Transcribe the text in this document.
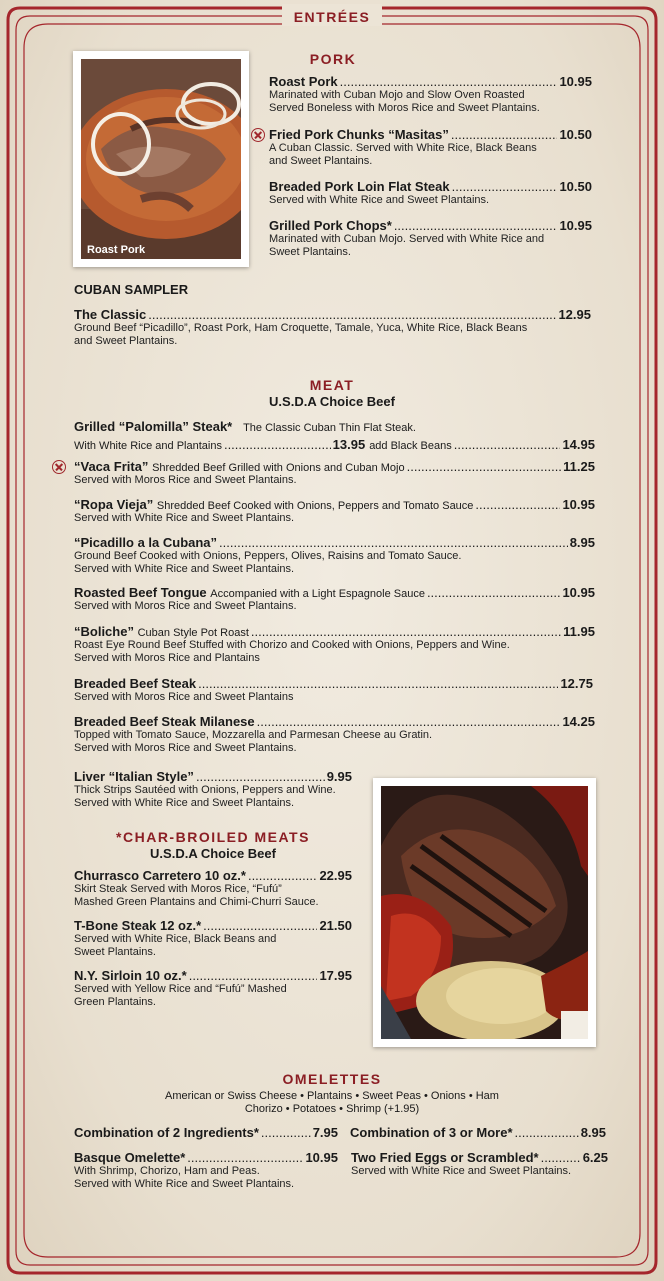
ENTRÉES
Roast Pork
PORK
Roast Pork .....	10.95
Marinated with Cuban Mojo and Slow Oven Roasted
Served Boneless with Moros Rice and Sweet Plantains.
Fried Pork Chunks “Masitas” .....	10.50
A Cuban Classic. Served with White Rice, Black Beans
and Sweet Plantains.
Breaded Pork Loin Flat Steak .....	10.50
Served with White Rice and Sweet Plantains.
Grilled Pork Chops* .....	10.95
Marinated with Cuban Mojo. Served with White Rice and
Sweet Plantains.
CUBAN SAMPLER
The Classic .....	12.95
Ground Beef “Picadillo”, Roast Pork, Ham Croquette, Tamale, Yuca, White Rice, Black Beans
and Sweet Plantains.
MEAT
U.S.D.A Choice Beef
Grilled “Palomilla” Steak*
The Classic Cuban Thin Flat Steak.
With White Rice and Plantains .....	13.95 add Black Beans .....	14.95
“Vaca Frita”
Shredded Beef Grilled with Onions and Cuban Mojo .....	11.25
Served with Moros Rice and Sweet Plantains.
“Ropa Vieja”
Shredded Beef Cooked with Onions, Peppers and Tomato Sauce .....	10.95
Served with White Rice and Sweet Plantains.
“Picadillo a la Cubana” .....	8.95
Ground Beef Cooked with Onions, Peppers, Olives, Raisins and Tomato Sauce.
Served with White Rice and Sweet Plantains.
Roasted Beef Tongue
Accompanied with a Light Espagnole Sauce .....	10.95
Served with Moros Rice and Sweet Plantains.
“Boliche”
Cuban Style Pot Roast .....	11.95
Roast Eye Round Beef Stuffed with Chorizo and Cooked with Onions, Peppers and Wine.
Served with Moros Rice and Plantains
Breaded Beef Steak .....	12.75
Served with Moros Rice and Sweet Plantains
Breaded Beef Steak Milanese .....	14.25
Topped with Tomato Sauce, Mozzarella and Parmesan Cheese au Gratin.
Served with Moros Rice and Sweet Plantains.
Liver “Italian Style” .....	9.95
Thick Strips Sautéed with Onions, Peppers and Wine.
Served with White Rice and Sweet Plantains.
*CHAR-BROILED MEATS
U.S.D.A Choice Beef
Churrasco Carretero 10 oz.* .....	22.95
Skirt Steak Served with Moros Rice, “Fufú”
Mashed Green Plantains and Chimi-Churri Sauce.
T-Bone Steak 12 oz.* .....	21.50
Served with White Rice, Black Beans and
Sweet Plantains.
N.Y. Sirloin 10 oz.* .....	17.95
Served with Yellow Rice and “Fufú” Mashed
Green Plantains.
OMELETTES
American or Swiss Cheese • Plantains • Sweet Peas • Onions • Ham
Chorizo • Potatoes • Shrimp (+1.95)
Combination of 2 Ingredients* .....	7.95 Combination of 3 or More* .....	8.95
Basque Omelette* .....	10.95
With Shrimp, Chorizo, Ham and Peas.
Served with White Rice and Sweet Plantains.
Two Fried Eggs or Scrambled* .....	6.25
Served with White Rice and Sweet Plantains.
